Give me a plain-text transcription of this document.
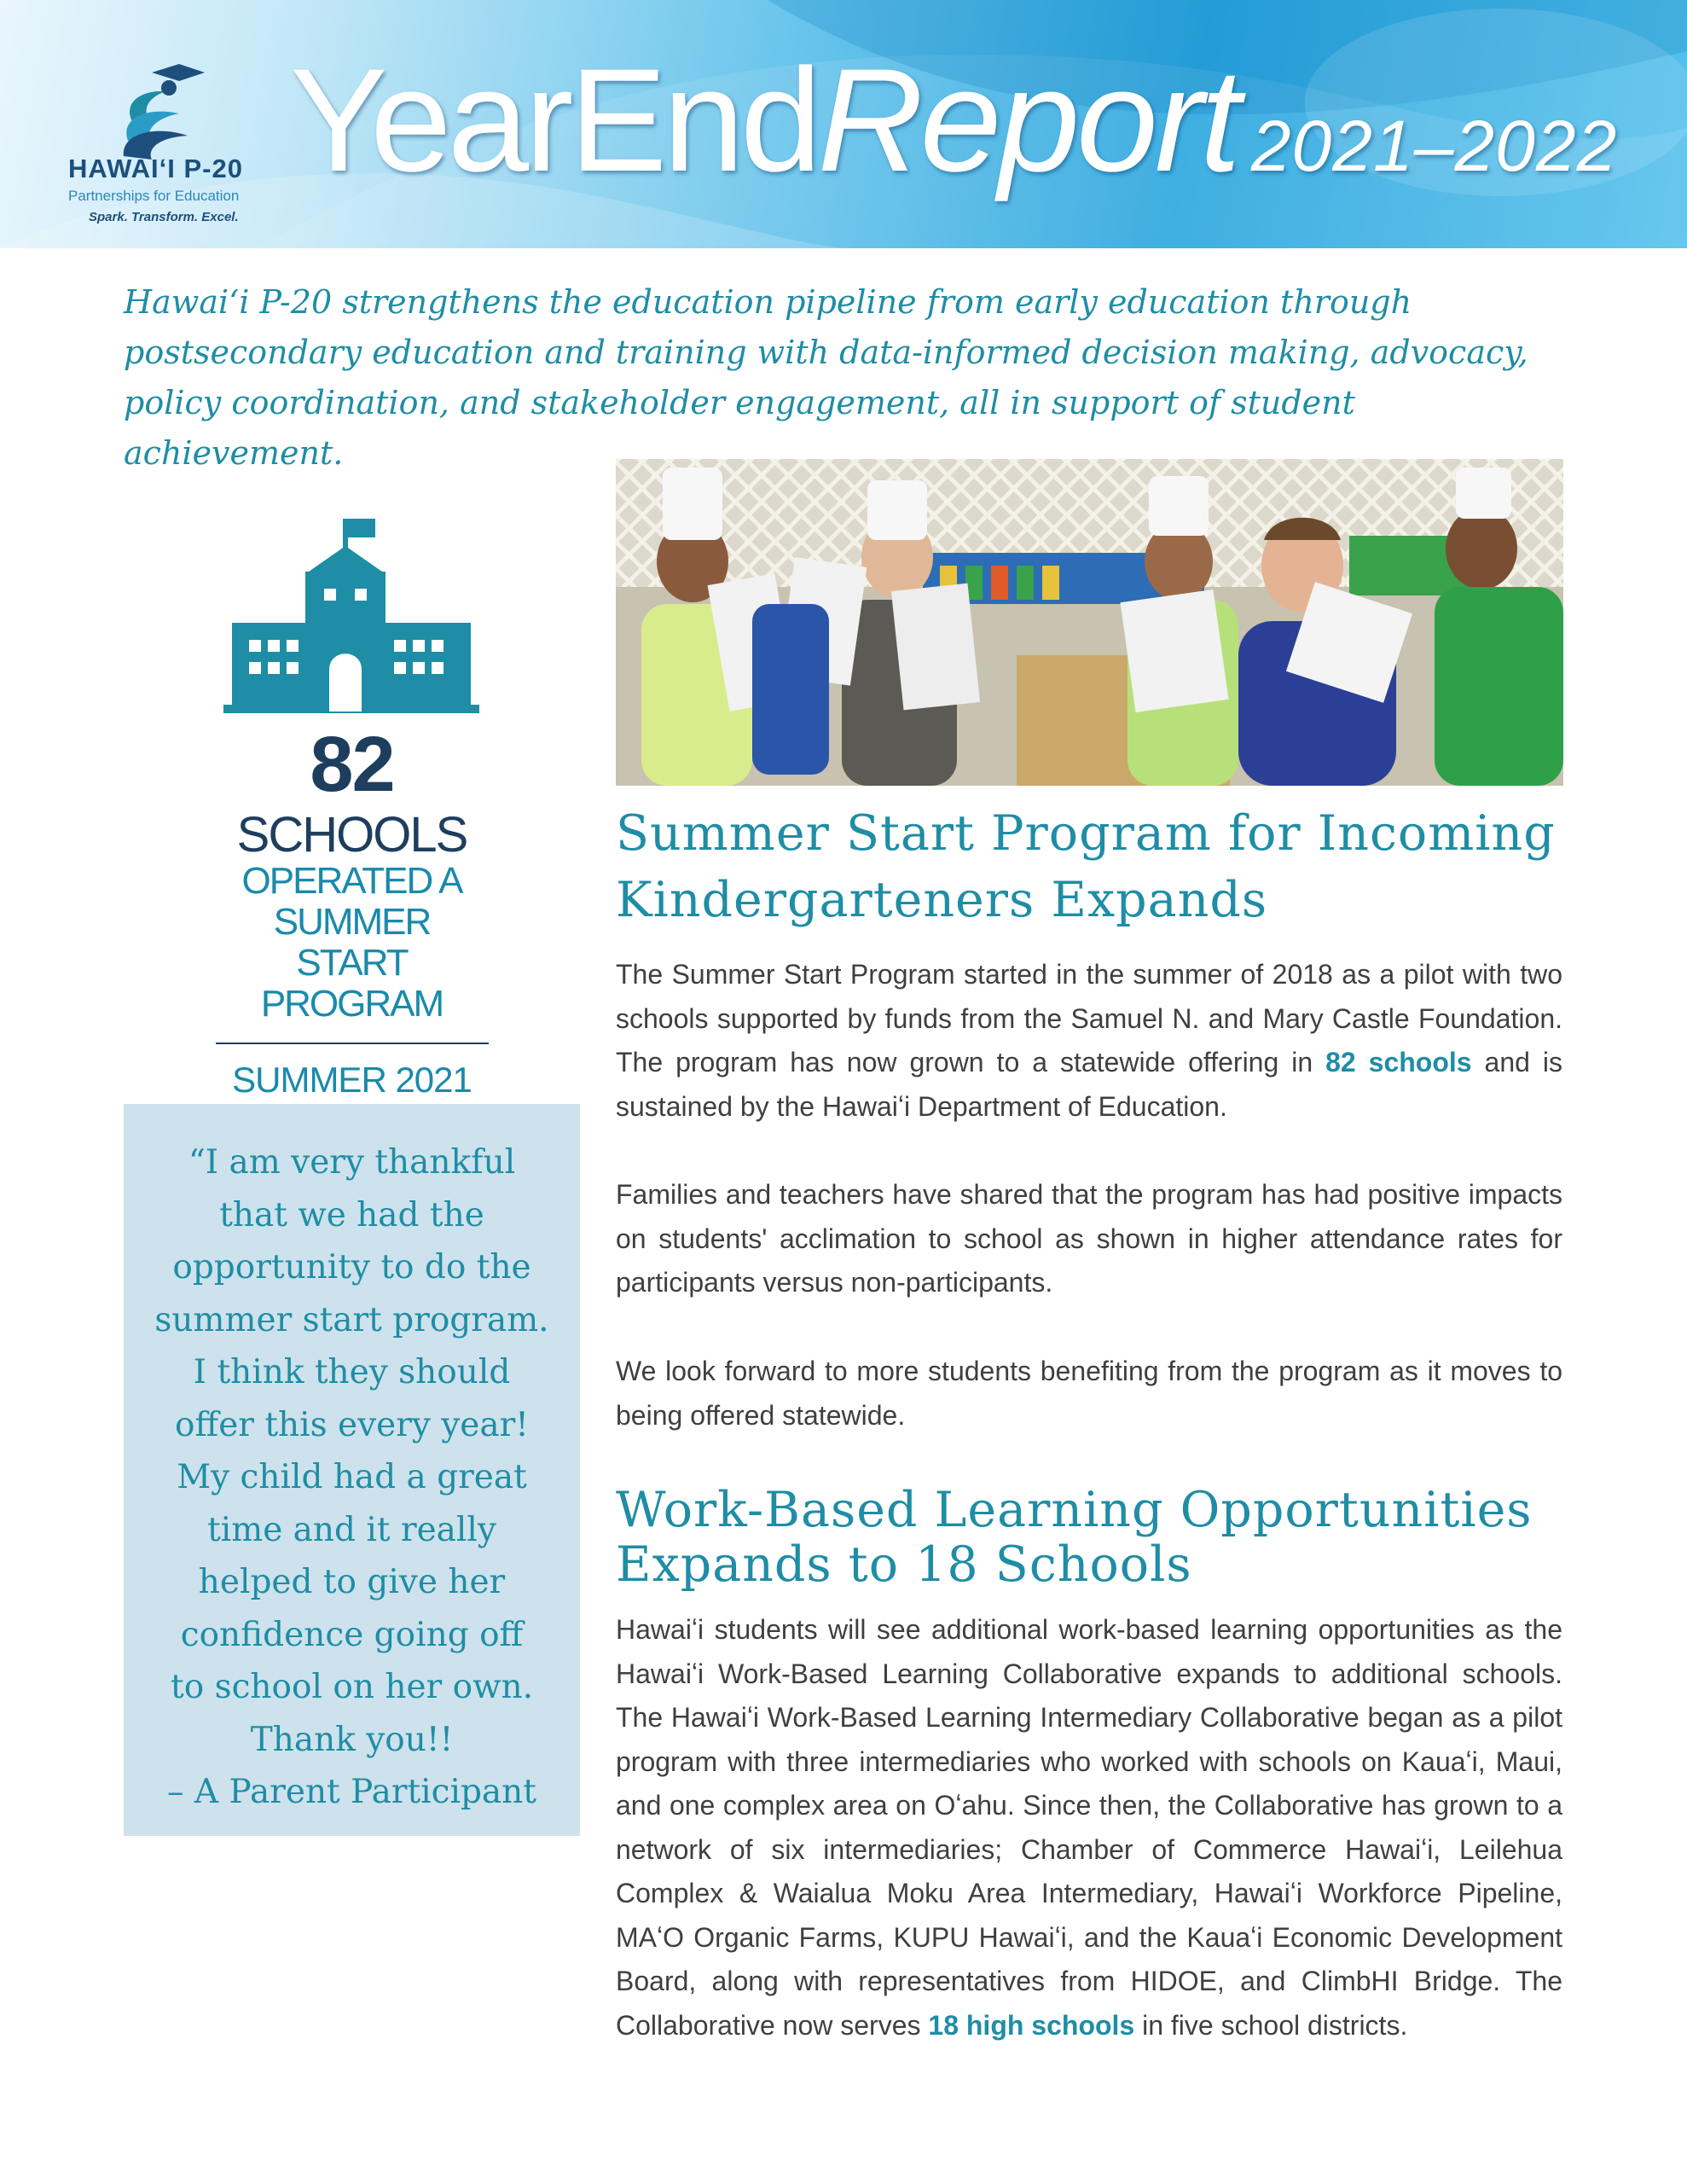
HAWAIʻI P-20
Partnerships for Education
Spark. Transform. Excel.
YearEndReport 2021–2022

Hawaiʻi P-20 strengthens the education pipeline from early education through postsecondary education and training with data-informed decision making, advocacy, policy coordination, and stakeholder engagement, all in support of student achievement.

82
SCHOOLS
OPERATED A
SUMMER
START
PROGRAM
SUMMER 2021
“I am very thankful
that we had the
opportunity to do the
summer start program.
I think they should
offer this every year!
My child had a great
time and it really
helped to give her
confidence going off
to school on her own.
Thank you!!
– A Parent Participant
Summer Start Program for Incoming
Kindergarteners Expands

The Summer Start Program started in the summer of 2018 as a pilot with two schools supported by funds from the Samuel N. and Mary Castle Foundation. The program has now grown to a statewide offering in 82 schools and is sustained by the Hawaiʻi Department of Education.

Families and teachers have shared that the program has had positive impacts on students' acclimation to school as shown in higher attendance rates for participants versus non-participants.

We look forward to more students benefiting from the program as it moves to being offered statewide.

Work-Based Learning Opportunities
Expands to 18 Schools

Hawaiʻi students will see additional work-based learning opportunities as the Hawaiʻi Work-Based Learning Collaborative expands to additional schools. The Hawaiʻi Work-Based Learning Intermediary Collaborative began as a pilot program with three intermediaries who worked with schools on Kauaʻi, Maui, and one complex area on Oʻahu. Since then, the Collaborative has grown to a network of six intermediaries; Chamber of Commerce Hawaiʻi, Leilehua Complex & Waialua Moku Area Intermediary, Hawaiʻi Workforce Pipeline, MAʻO Organic Farms, KUPU Hawaiʻi, and the Kauaʻi Economic Development Board, along with representatives from HIDOE, and ClimbHI Bridge. The Collaborative now serves 18 high schools in five school districts.
